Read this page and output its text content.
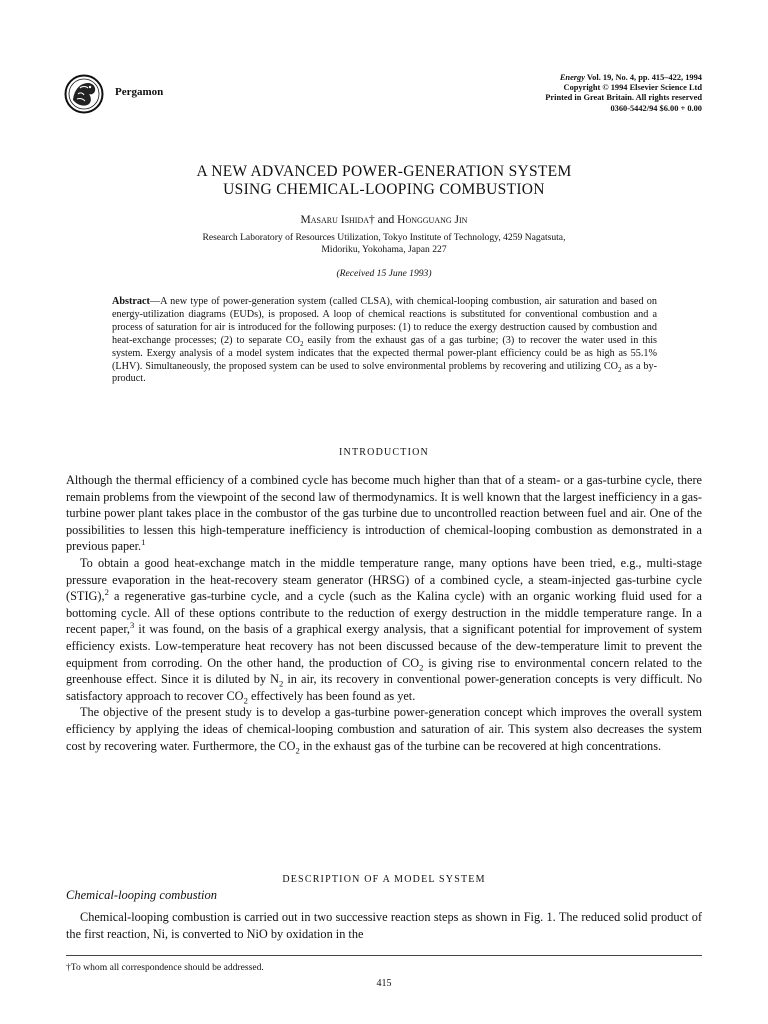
Pergamon
Energy Vol. 19, No. 4, pp. 415–422, 1994
Copyright © 1994 Elsevier Science Ltd
Printed in Great Britain. All rights reserved
0360-5442/94 $6.00 + 0.00
A NEW ADVANCED POWER-GENERATION SYSTEM
USING CHEMICAL-LOOPING COMBUSTION
Masaru Ishida† and Hongguang Jin
Research Laboratory of Resources Utilization, Tokyo Institute of Technology, 4259 Nagatsuta,
Midoriku, Yokohama, Japan 227
(Received 15 June 1993)
Abstract—A new type of power-generation system (called CLSA), with chemical-looping combustion, air saturation and based on energy-utilization diagrams (EUDs), is proposed. A loop of chemical reactions is substituted for conventional combustion and a process of saturation for air is introduced for the following purposes: (1) to reduce the exergy destruction caused by combustion and heat-exchange processes; (2) to separate $CO_2$ easily from the exhaust gas of a gas turbine; (3) to recover the water used in this system. Exergy analysis of a model system indicates that the expected thermal power-plant efficiency could be as high as 55.1% (LHV). Simultaneously, the proposed system can be used to solve environmental problems by recovering and utilizing $CO_2$ as a by-product.
INTRODUCTION

Although the thermal efficiency of a combined cycle has become much higher than that of a steam- or a gas-turbine cycle, there remain problems from the viewpoint of the second law of thermodynamics. It is well known that the largest inefficiency in a gas-turbine power plant takes place in the combustor of the gas turbine due to uncontrolled reaction between fuel and air. One of the possibilities to lessen this high-temperature inefficiency is introduction of chemical-looping combustion as demonstrated in a previous paper.$^1$

To obtain a good heat-exchange match in the middle temperature range, many options have been tried, e.g., multi-stage pressure evaporation in the heat-recovery steam generator (HRSG) of a combined cycle, a steam-injected gas-turbine cycle (STIG),$^2$ a regenerative gas-turbine cycle, and a cycle (such as the Kalina cycle) with an organic working fluid used for a bottoming cycle. All of these options contribute to the reduction of exergy destruction in the middle temperature range. In a recent paper,$^3$ it was found, on the basis of a graphical exergy analysis, that a significant potential for improvement of system efficiency exists. Low-temperature heat recovery has not been discussed because of the dew-temperature limit to prevent the equipment from corroding. On the other hand, the production of $CO_2$ is giving rise to environmental concern related to the greenhouse effect. Since it is diluted by $N_2$ in air, its recovery in conventional power-generation concepts is very difficult. No satisfactory approach to recover $CO_2$ effectively has been found as yet.

The objective of the present study is to develop a gas-turbine power-generation concept which improves the overall system efficiency by applying the ideas of chemical-looping combustion and saturation of air. This system also decreases the system cost by recovering water. Furthermore, the $CO_2$ in the exhaust gas of the turbine can be recovered at high concentrations.

DESCRIPTION OF A MODEL SYSTEM
Chemical-looping combustion

Chemical-looping combustion is carried out in two successive reaction steps as shown in Fig. 1. The reduced solid product of the first reaction, Ni, is converted to NiO by oxidation in the

†To whom all correspondence should be addressed.
415
